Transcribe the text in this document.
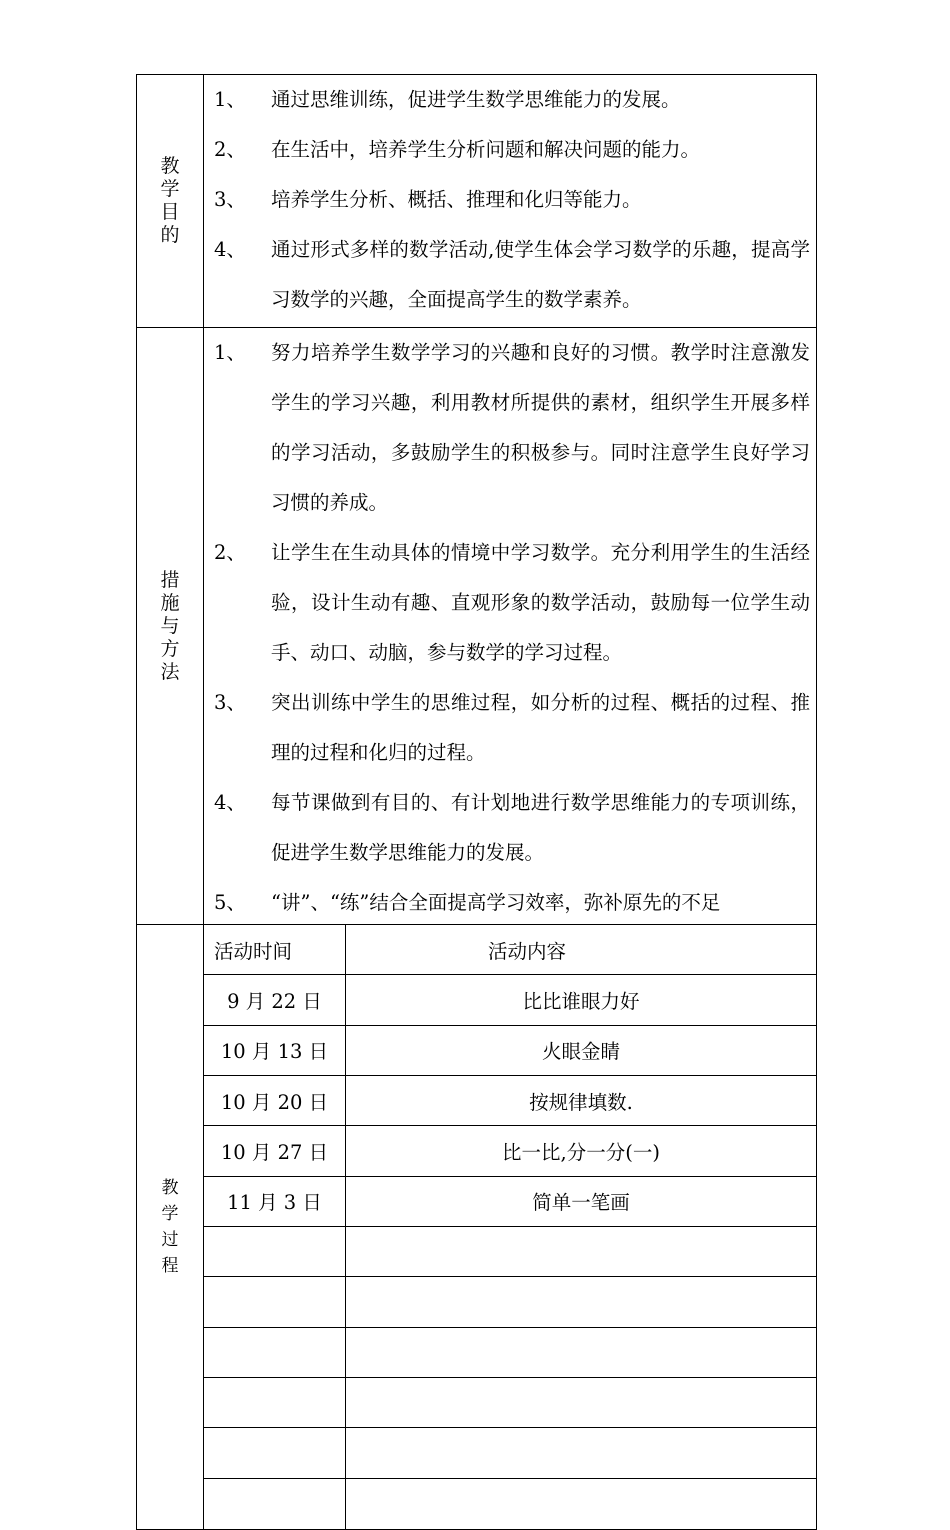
教学目的
1、	通过思维训练，促进学生数学思维能力的发展。
2、	在生活中，培养学生分析问题和解决问题的能力。
3、	培养学生分析、概括、推理和化归等能力。
4、	通过形式多样的数学活动,使学生体会学习数学的乐趣，提高学习数学的兴趣，全面提高学生的数学素养。
措施与方法
1、	努力培养学生数学学习的兴趣和良好的习惯。教学时注意激发学生的学习兴趣，利用教材所提供的素材，组织学生开展多样的学习活动，多鼓励学生的积极参与。同时注意学生良好学习习惯的养成。
2、	让学生在生动具体的情境中学习数学。充分利用学生的生活经验，设计生动有趣、直观形象的数学活动，鼓励每一位学生动手、动口、动脑，参与数学的学习过程。
3、	突出训练中学生的思维过程，如分析的过程、概括的过程、推理的过程和化归的过程。
4、	每节课做到有目的、有计划地进行数学思维能力的专项训练，促进学生数学思维能力的发展。
5、	“讲”、“练”结合全面提高学习效率，弥补原先的不足
教学过程
活动时间	活动内容
9 月 22 日	比比谁眼力好
10 月 13 日	火眼金睛
10 月 20 日	按规律填数.
10 月 27 日	比一比,分一分(一)
11 月 3 日	简单一笔画
